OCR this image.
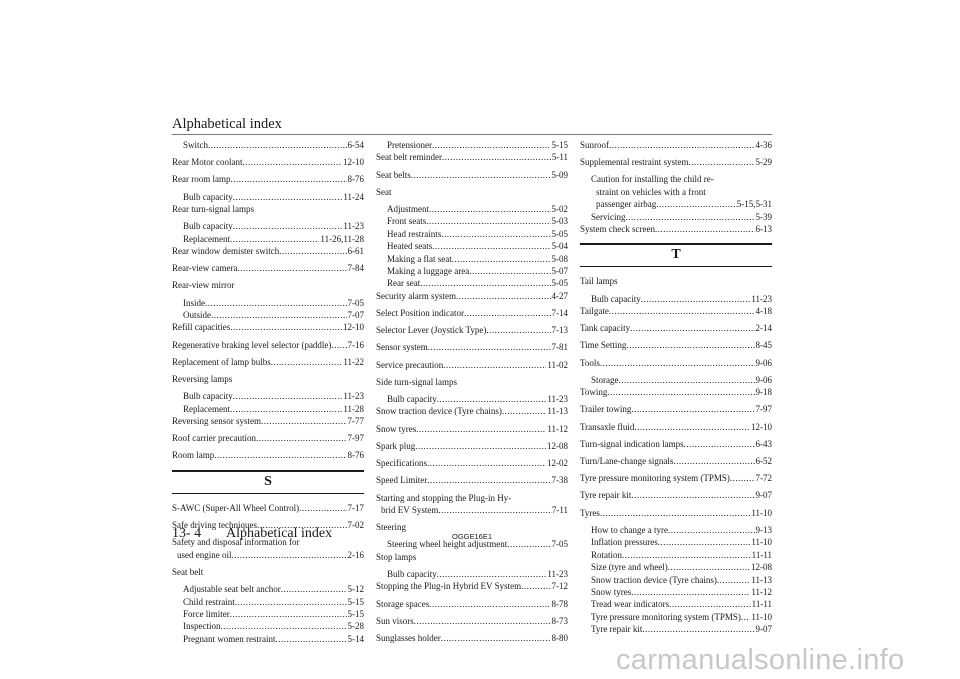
Alphabetical index
Switch .....	6-54
Rear Motor coolant .....	12-10
Rear room lamp .....	8-76
Bulb capacity .....	11-24
Rear turn-signal lamps
Bulb capacity .....	11-23
Replacement .....	11-26,11-28
Rear window demister switch .....	6-61
Rear-view camera .....	7-84
Rear-view mirror
Inside .....	7-05
Outside .....	7-07
Refill capacities .....	12-10
Regenerative braking level selector (paddle) ..... 7-16
Replacement of lamp bulbs .....	11-22
Reversing lamps
Bulb capacity .....	11-23
Replacement .....	11-28
Reversing sensor system .....	7-77
Roof carrier precaution .....	7-97
Room lamp .....	8-76
S
S-AWC (Super-All Wheel Control) .....	7-17
Safe driving techniques .....	7-02
Safety and disposal information for
used engine oil .....	2-16
Seat belt
Adjustable seat belt anchor .....	5-12
Child restraint .....	5-15
Force limiter .....	5-15
Inspection .....	5-28
Pregnant women restraint .....	5-14
Pretensioner .....	5-15
Seat belt reminder .....	5-11
Seat belts .....	5-09
Seat
Adjustment .....	5-02
Front seats .....	5-03
Head restraints .....	5-05
Heated seats .....	5-04
Making a flat seat .....	5-08
Making a luggage area .....	5-07
Rear seat .....	5-05
Security alarm system .....	4-27
Select Position indicator .....	7-14
Selector Lever (Joystick Type) .....	7-13
Sensor system .....	7-81
Service precaution .....	11-02
Side turn-signal lamps
Bulb capacity .....	11-23
Snow traction device (Tyre chains) .....	11-13
Snow tyres .....	11-12
Spark plug .....	12-08
Specifications .....	12-02
Speed Limiter .....	7-38
Starting and stopping the Plug-in Hy-
brid EV System .....	7-11
Steering
Steering wheel height adjustment .....	7-05
Stop lamps
Bulb capacity .....	11-23
Stopping the Plug-in Hybrid EV System .....	7-12
Storage spaces .....	8-78
Sun visors .....	8-73
Sunglasses holder .....	8-80
Sunroof .....	4-36
Supplemental restraint system .....	5-29
Caution for installing the child re-
straint on vehicles with a front
passenger airbag .....	5-15,5-31
Servicing .....	5-39
System check screen .....	6-13
T
Tail lamps
Bulb capacity .....	11-23
Tailgate .....	4-18
Tank capacity .....	2-14
Time Setting .....	8-45
Tools .....	9-06
Storage .....	9-06
Towing .....	9-18
Trailer towing .....	7-97
Transaxle fluid .....	12-10
Turn-signal indication lamps .....	6-43
Turn/Lane-change signals .....	6-52
Tyre pressure monitoring system (TPMS) .....	7-72
Tyre repair kit .....	9-07
Tyres .....	11-10
How to change a tyre .....	9-13
Inflation pressures .....	11-10
Rotation .....	11-11
Size (tyre and wheel) .....	12-08
Snow traction device (Tyre chains) .....	11-13
Snow tyres .....	11-12
Tread wear indicators .....	11-11
Tyre pressure monitoring system (TPMS) ..... 11-10
Tyre repair kit .....	9-07
13- 4 Alphabetical index	OGGE16E1
carmanualsonline.info
